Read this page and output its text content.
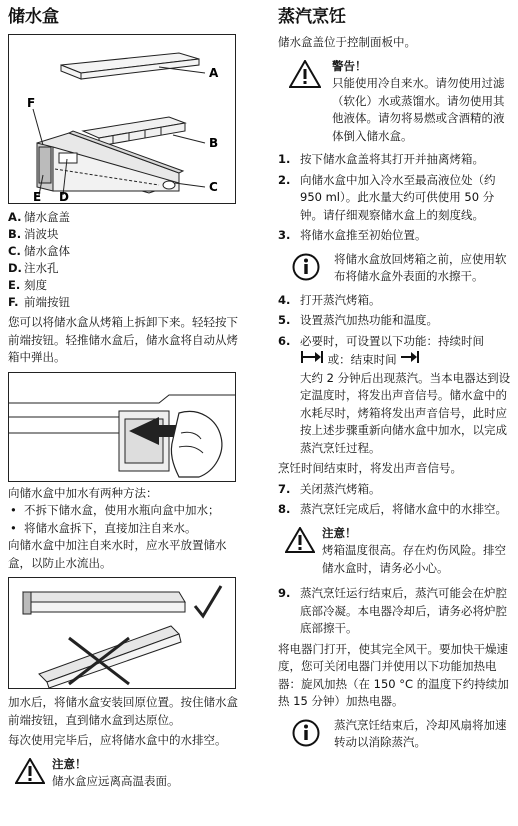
储水盒
A
B
C
D
E
F
A. 储水盒盖
B. 消波块
C. 储水盒体
D. 注水孔
E. 刻度
F. 前端按钮

您可以将储水盒从烤箱上拆卸下来。轻轻按下前端按钮。轻推储水盒后，储水盒将自动从烤箱中弹出。

向储水盒中加水有两种方法：

• 不拆下储水盒，使用水瓶向盒中加水；
• 将储水盒拆下，直接加注自来水。

向储水盒中加注自来水时，应水平放置储水盒，以防止水流出。

加水后，将储水盒安装回原位置。按住储水盒前端按钮，直到储水盒到达原位。

每次使用完毕后，应将储水盒中的水排空。

注意！
储水盒应远离高温表面。
蒸汽烹饪

储水盒盖位于控制面板中。

警告！
只能使用冷自来水。请勿使用过滤（软化）水或蒸馏水。请勿使用其他液体。请勿将易燃或含酒精的液体倒入储水盒。
1. 按下储水盒盖将其打开并抽离烤箱。
2. 向储水盒中加入冷水至最高液位处（约 950 ml）。此水量大约可供使用 50 分钟。请仔细观察储水盒上的刻度线。
3. 将储水盒推至初始位置。
将储水盒放回烤箱之前，应使用软布将储水盒外表面的水擦干。
4. 打开蒸汽烤箱。
5. 设置蒸汽加热功能和温度。
6. 必要时，可设置以下功能：持续时间
或：结束时间
大约 2 分钟后出现蒸汽。当本电器达到设定温度时，将发出声音信号。储水盒中的水耗尽时，烤箱将发出声音信号，此时应按上述步骤重新向储水盒中加水，以完成蒸汽烹饪过程。

烹饪时间结束时，将发出声音信号。

7. 关闭蒸汽烤箱。
8. 蒸汽烹饪完成后，将储水盒中的水排空。
注意！
烤箱温度很高。存在灼伤风险。排空储水盒时，请务必小心。
9. 蒸汽烹饪运行结束后，蒸汽可能会在炉腔底部冷凝。本电器冷却后，请务必将炉腔底部擦干。

将电器门打开，使其完全风干。要加快干燥速度，您可关闭电器门并使用以下功能加热电器：旋风加热（在 150 °C 的温度下约持续加热 15 分钟）加热电器。

蒸汽烹饪结束后，冷却风扇将加速转动以消除蒸汽。
